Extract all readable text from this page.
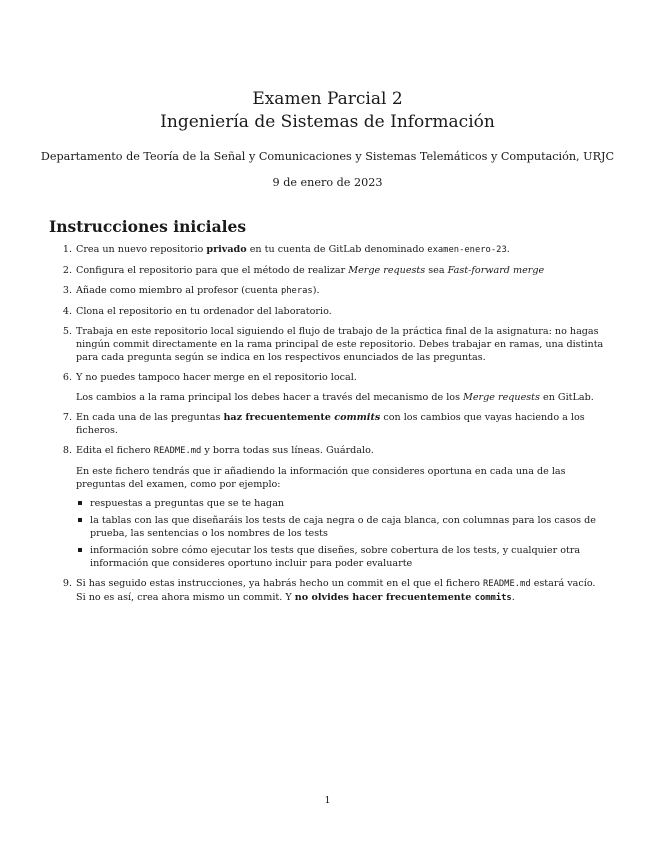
Examen Parcial 2
Ingeniería de Sistemas de Información
Departamento de Teoría de la Señal y Comunicaciones y Sistemas Telemáticos y Computación, URJC
9 de enero de 2023
Instrucciones iniciales
1. Crea un nuevo repositorio privado en tu cuenta de GitLab denominado examen-enero-23.
2. Configura el repositorio para que el método de realizar Merge requests sea Fast-forward merge
3. Añade como miembro al profesor (cuenta pheras).
4. Clona el repositorio en tu ordenador del laboratorio.
5. Trabaja en este repositorio local siguiendo el flujo de trabajo de la práctica final de la asignatura: no hagas ningún commit directamente en la rama principal de este repositorio. Debes trabajar en ramas, una distinta para cada pregunta según se indica en los respectivos enunciados de las preguntas.
6. Y no puedes tampoco hacer merge en el repositorio local.
Los cambios a la rama principal los debes hacer a través del mecanismo de los Merge requests en GitLab.
7. En cada una de las preguntas haz frecuentemente commits con los cambios que vayas haciendo a los ficheros.
8. Edita el fichero README.md y borra todas sus líneas. Guárdalo.
En este fichero tendrás que ir añadiendo la información que consideres oportuna en cada una de las preguntas del examen, como por ejemplo:
respuestas a preguntas que se te hagan
la tablas con las que diseñaráis los tests de caja negra o de caja blanca, con columnas para los casos de prueba, las sentencias o los nombres de los tests
información sobre cómo ejecutar los tests que diseñes, sobre cobertura de los tests, y cualquier otra información que consideres oportuno incluir para poder evaluarte
9. Si has seguido estas instrucciones, ya habrás hecho un commit en el que el fichero README.md estará vacío. Si no es así, crea ahora mismo un commit. Y no olvides hacer frecuentemente commits.
1
